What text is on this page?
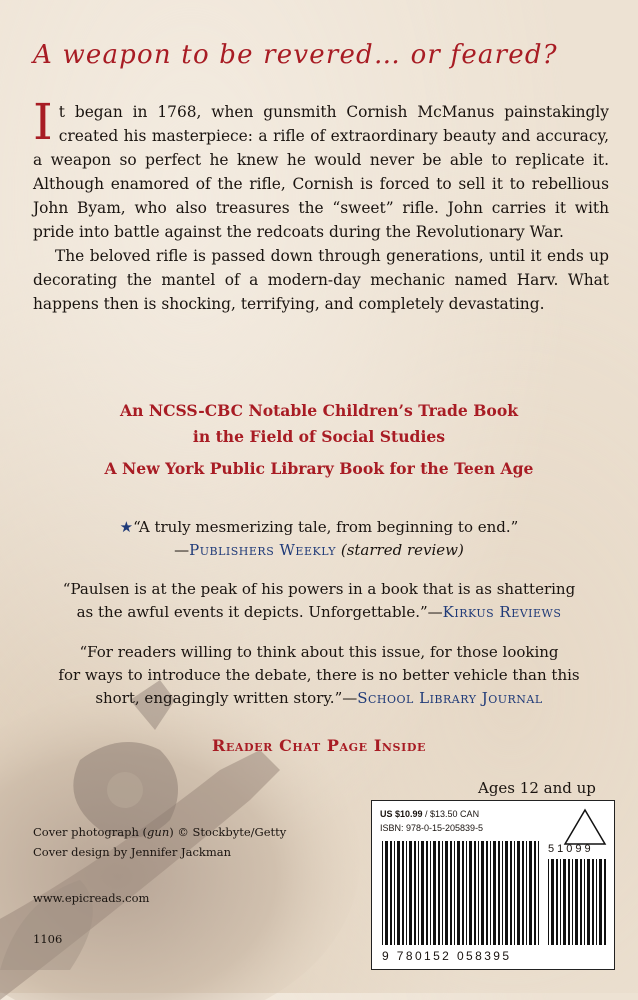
A weapon to be revered… or feared?

It began in 1768, when gunsmith Cornish McManus painstakingly created his masterpiece: a rifle of extraordinary beauty and accuracy, a weapon so perfect he knew he would never be able to replicate it. Although enamored of the rifle, Cornish is forced to sell it to rebellious John Byam, who also treasures the “sweet” rifle. John carries it with pride into battle against the redcoats during the Revolutionary War.

The beloved rifle is passed down through generations, until it ends up decorating the mantel of a modern-day mechanic named Harv. What happens then is shocking, terrifying, and completely devastating.

An NCSS-CBC Notable Children’s Trade Book
in the Field of Social Studies
A New York Public Library Book for the Teen Age
★“A truly mesmerizing tale, from beginning to end.”
—Publishers Weekly (starred review)
“Paulsen is at the peak of his powers in a book that is as shattering
as the awful events it depicts. Unforgettable.”—Kirkus Reviews
“For readers willing to think about this issue, for those looking
for ways to introduce the debate, there is no better vehicle than this
short, engagingly written story.”—School Library Journal
Reader Chat Page Inside
Ages 12 and up
Cover photograph (gun) © Stockbyte/Getty
Cover design by Jennifer Jackman
www.epicreads.com
1106
US $10.99 / $13.50 CAN
ISBN: 978-0-15-205839-5
51099
9 780152 058395
